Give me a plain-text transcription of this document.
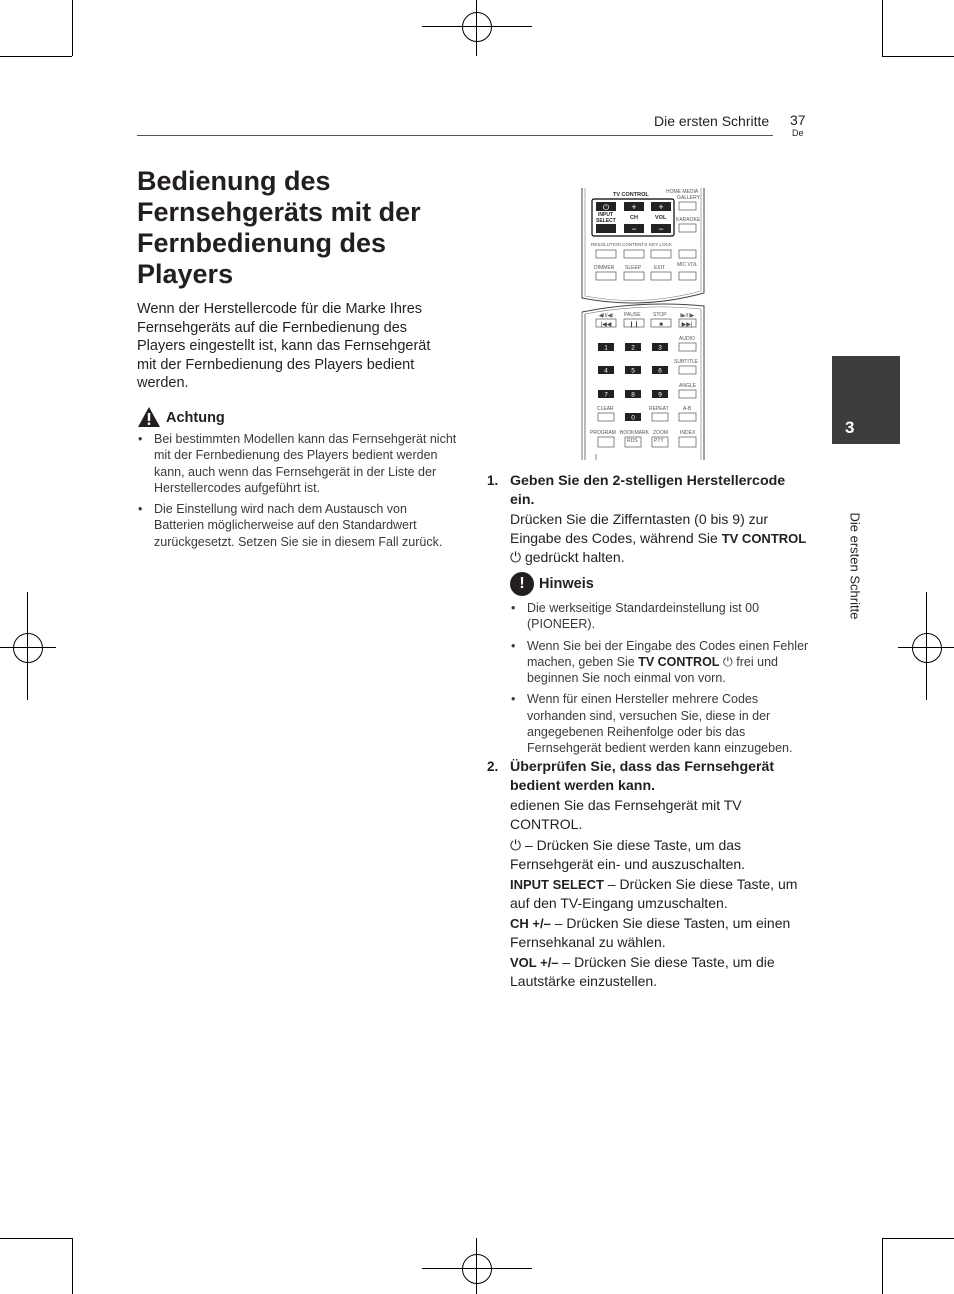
Die ersten Schritte 37
De
Bedienung des Fernsehgeräts mit der Fernbedienung des Players
Wenn der Herstellercode für die Marke Ihres Fernsehgeräts auf die Fernbedienung des Players eingestellt ist, kann das Fernsehgerät mit der Fernbedienung des Players bedient werden.
Achtung
• Bei bestimmten Modellen kann das Fernsehgerät nicht mit der Fernbedienung des Players bedient werden kann, auch wenn das Fernsehgerät in der Liste der Herstellercodes aufgeführt ist.
• Die Einstellung wird nach dem Austausch von Batterien möglicherweise auf den Standardwert zurückgesetzt. Setzen Sie sie in diesem Fall zurück.
3
Die ersten Schritte
⏻ + +
− −
|◀◀	❙❙	■	▶▶|
◀II/◀I	I▶/II▶
1	2	3
4	5	6
7	8	9
0
TV CONTROL	HOME MEDIA
GALLERY
INPUT
SELECT	CH	VOL KARAOKE
RESOLUTION CONTENTS KEY LOCK
DIMMER SLEEP	EXIT MIC VOL
PAUSE STOP
AUDIO
SUBTITLE
ANGLE
CLEAR	REPEAT	A-B
PROGRAM BOOKMARK ZOOM INDEX
RDS	PTY
1. Geben Sie den 2-stelligen Herstellercode ein.
Drücken Sie die Zifferntasten (0 bis 9) zur Eingabe des Codes, während Sie TV CONTROL ⏻ gedrückt halten.
! Hinweis
• Die werkseitige Standardeinstellung ist 00 (PIONEER).
• Wenn Sie bei der Eingabe des Codes einen Fehler machen, geben Sie TV CONTROL ⏻ frei und beginnen Sie noch einmal von vorn.
• Wenn für einen Hersteller mehrere Codes vorhanden sind, versuchen Sie, diese in der angegebenen Reihenfolge oder bis das Fernsehgerät bedient werden kann einzugeben.
2. Überprüfen Sie, dass das Fernsehgerät bedient werden kann.
edienen Sie das Fernsehgerät mit TV CONTROL.
⏻ – Drücken Sie diese Taste, um das Fernsehgerät ein- und auszuschalten.
INPUT SELECT – Drücken Sie diese Taste, um auf den TV-Eingang umzuschalten.
CH +/– – Drücken Sie diese Tasten, um einen Fernsehkanal zu wählen.
VOL +/– – Drücken Sie diese Taste, um die Lautstärke einzustellen.
